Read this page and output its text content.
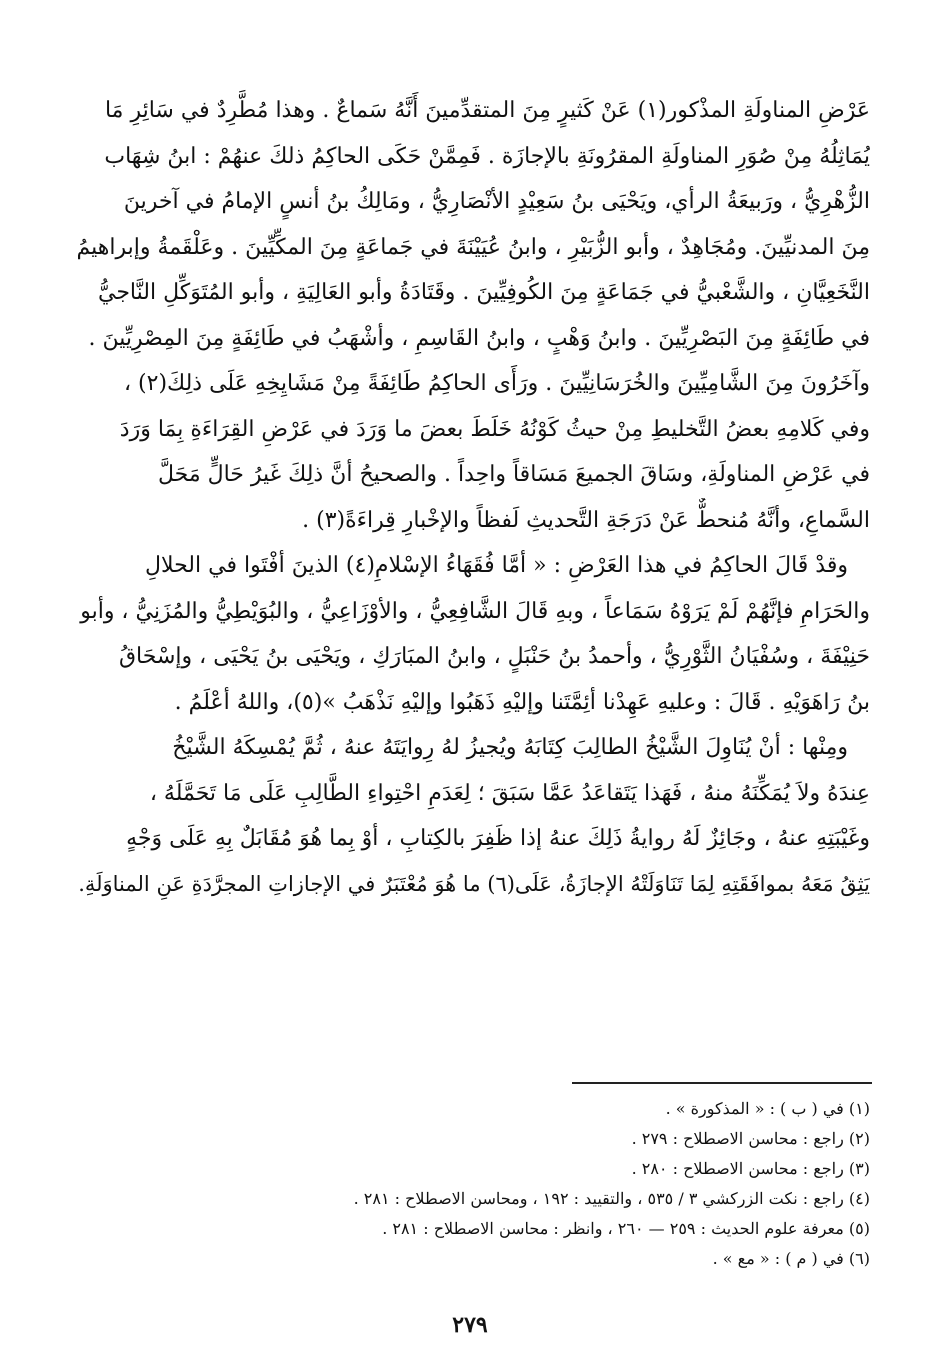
عَرْضِ المناولَةِ المذْكور(١) عَنْ كَثيرٍ مِنَ المتقدِّمينَ أَنَّهُ سَماعٌ . وهذا مُطَّرِدٌ في سَائِرِ مَا
يُمَاثِلُهُ مِنْ صُوَرِ المناولَةِ المقرُونَةِ بالإجازَة . فَمِمَّنْ حَكَى الحاكِمُ ذلكَ عنهُمْ : ابنُ شِهَاب
الزُّهْرِيُّ ، ورَبيعَةُ الرأي، ويَحْيَى بنُ سَعِيْدٍ الأنْصَارِيُّ ، ومَالِكُ بنُ أنسٍ الإمامُ في آخرينَ
مِنَ المدنيِّينَ. ومُجَاهِدٌ ، وأبو الزُّبَيْرِ ، وابنُ عُيَيْنَةَ في جَماعَةٍ مِنَ المكِّيِّينَ . وعَلْقَمةُ وإبراهيمُ
النَّخَعِيَّانِ ، والشَّعْبيُّ في جَمَاعَةٍ مِنَ الكُوفِيِّينَ . وقَتَادَةُ وأبو العَالِيَةِ ، وأبو المُتَوَكِّلِ النَّاجيُّ
في طَائِفَةٍ مِنَ البَصْرِيِّينَ . وابنُ وَهْبٍ ، وابنُ القَاسِمِ ، وأشْهَبُ في طَائِفَةٍ مِنَ المِصْرِيِّينَ .
وآخَرُونَ مِنَ الشَّامِيِّينَ والخُرَسَانِيِّينَ . ورَأَى الحاكِمُ طَائِفَةً مِنْ مَشَايِخِهِ عَلَى ذلِكَ(٢) ،
وفي كَلامِهِ بعضُ التَّخليطِ مِنْ حيثُ كَوْنُهُ خَلَطَ بعضَ ما وَرَدَ في عَرْضِ القِرَاءَةِ بِمَا وَرَدَ
في عَرْضِ المناولَةِ، وسَاقَ الجميعَ مَسَاقاً واحِداً . والصحيحُ أنَّ ذلِكَ غَيرُ حَالٍّ مَحَلَّ
السَّماعِ، وأنَّهُ مُنحطٌّ عَنْ دَرَجَةِ التَّحديثِ لَفظاً والإخْبارِ قِراءَةً(٣) .
وقدْ قَالَ الحاكِمُ في هذا العَرْضِ : « أمَّا فُقَهَاءُ الإسْلامِ(٤) الذينَ أفْتَوا في الحلالِ
والحَرَامِ فإنَّهُمْ لَمْ يَرَوْهُ سَمَاعاً ، وبهِ قَالَ الشَّافِعِيُّ ، والأوْزَاعِيُّ ، والبُوَيْطِيُّ والمُزَنِيُّ ، وأبو
حَنِيْفَةَ ، وسُفْيَانُ الثَّوْرِيُّ ، وأحمدُ بنُ حَنْبَلٍ ، وابنُ المبَارَكِ ، ويَحْيَى بنُ يَحْيَى ، وإسْحَاقُ
بنُ رَاهَوَيْهِ . قَالَ : وعليهِ عَهِدْنا أئِمَّتَنا وإليْهِ ذَهَبُوا وإليْهِ نَذْهَبُ »(٥)، واللهُ أعْلَمُ .
ومِنْها : أنْ يُنَاوِلَ الشَّيْخُ الطالِبَ كِتَابَهُ ويُجيزُ لهُ رِوايَتَهُ عنهُ ، ثُمَّ يُمْسِكَهُ الشَّيْخُ
عِندَهُ ولاَ يُمَكِّنَهُ منهُ ، فَهَذا يَتَقاعَدُ عَمَّا سَبَقَ ؛ لِعَدَمِ احْتِواءِ الطَّالِبِ عَلَى مَا تَحَمَّلَهُ ،
وغَيْبَتِهِ عنهُ ، وجَائِزٌ لَهُ روايةُ ذَلِكَ عنهُ إذا ظَفِرَ بالكِتابِ ، أوْ بِما هُوَ مُقَابَلٌ بِهِ عَلَى وَجْهٍ
يَثِقُ مَعَهُ بموافَقَتِهِ لِمَا تَنَاوَلَتْهُ الإجازَةُ، عَلَى(٦) ما هُوَ مُعْتَبَرٌ في الإجازاتِ المجرَّدَةِ عَنِ المناوَلَةِ.
(١) في ( ب ) : « المذكورة » .
(٢) راجع : محاسن الاصطلاح : ٢٧٩ .
(٣) راجع : محاسن الاصطلاح : ٢٨٠ .
(٤) راجع : نكت الزركشي ٣ / ٥٣٥ ، والتقييد : ١٩٢ ، ومحاسن الاصطلاح : ٢٨١ .
(٥) معرفة علوم الحديث : ٢٥٩ — ٢٦٠ ، وانظر : محاسن الاصطلاح : ٢٨١ .
(٦) في ( م ) : « مع » .
٢٧٩
